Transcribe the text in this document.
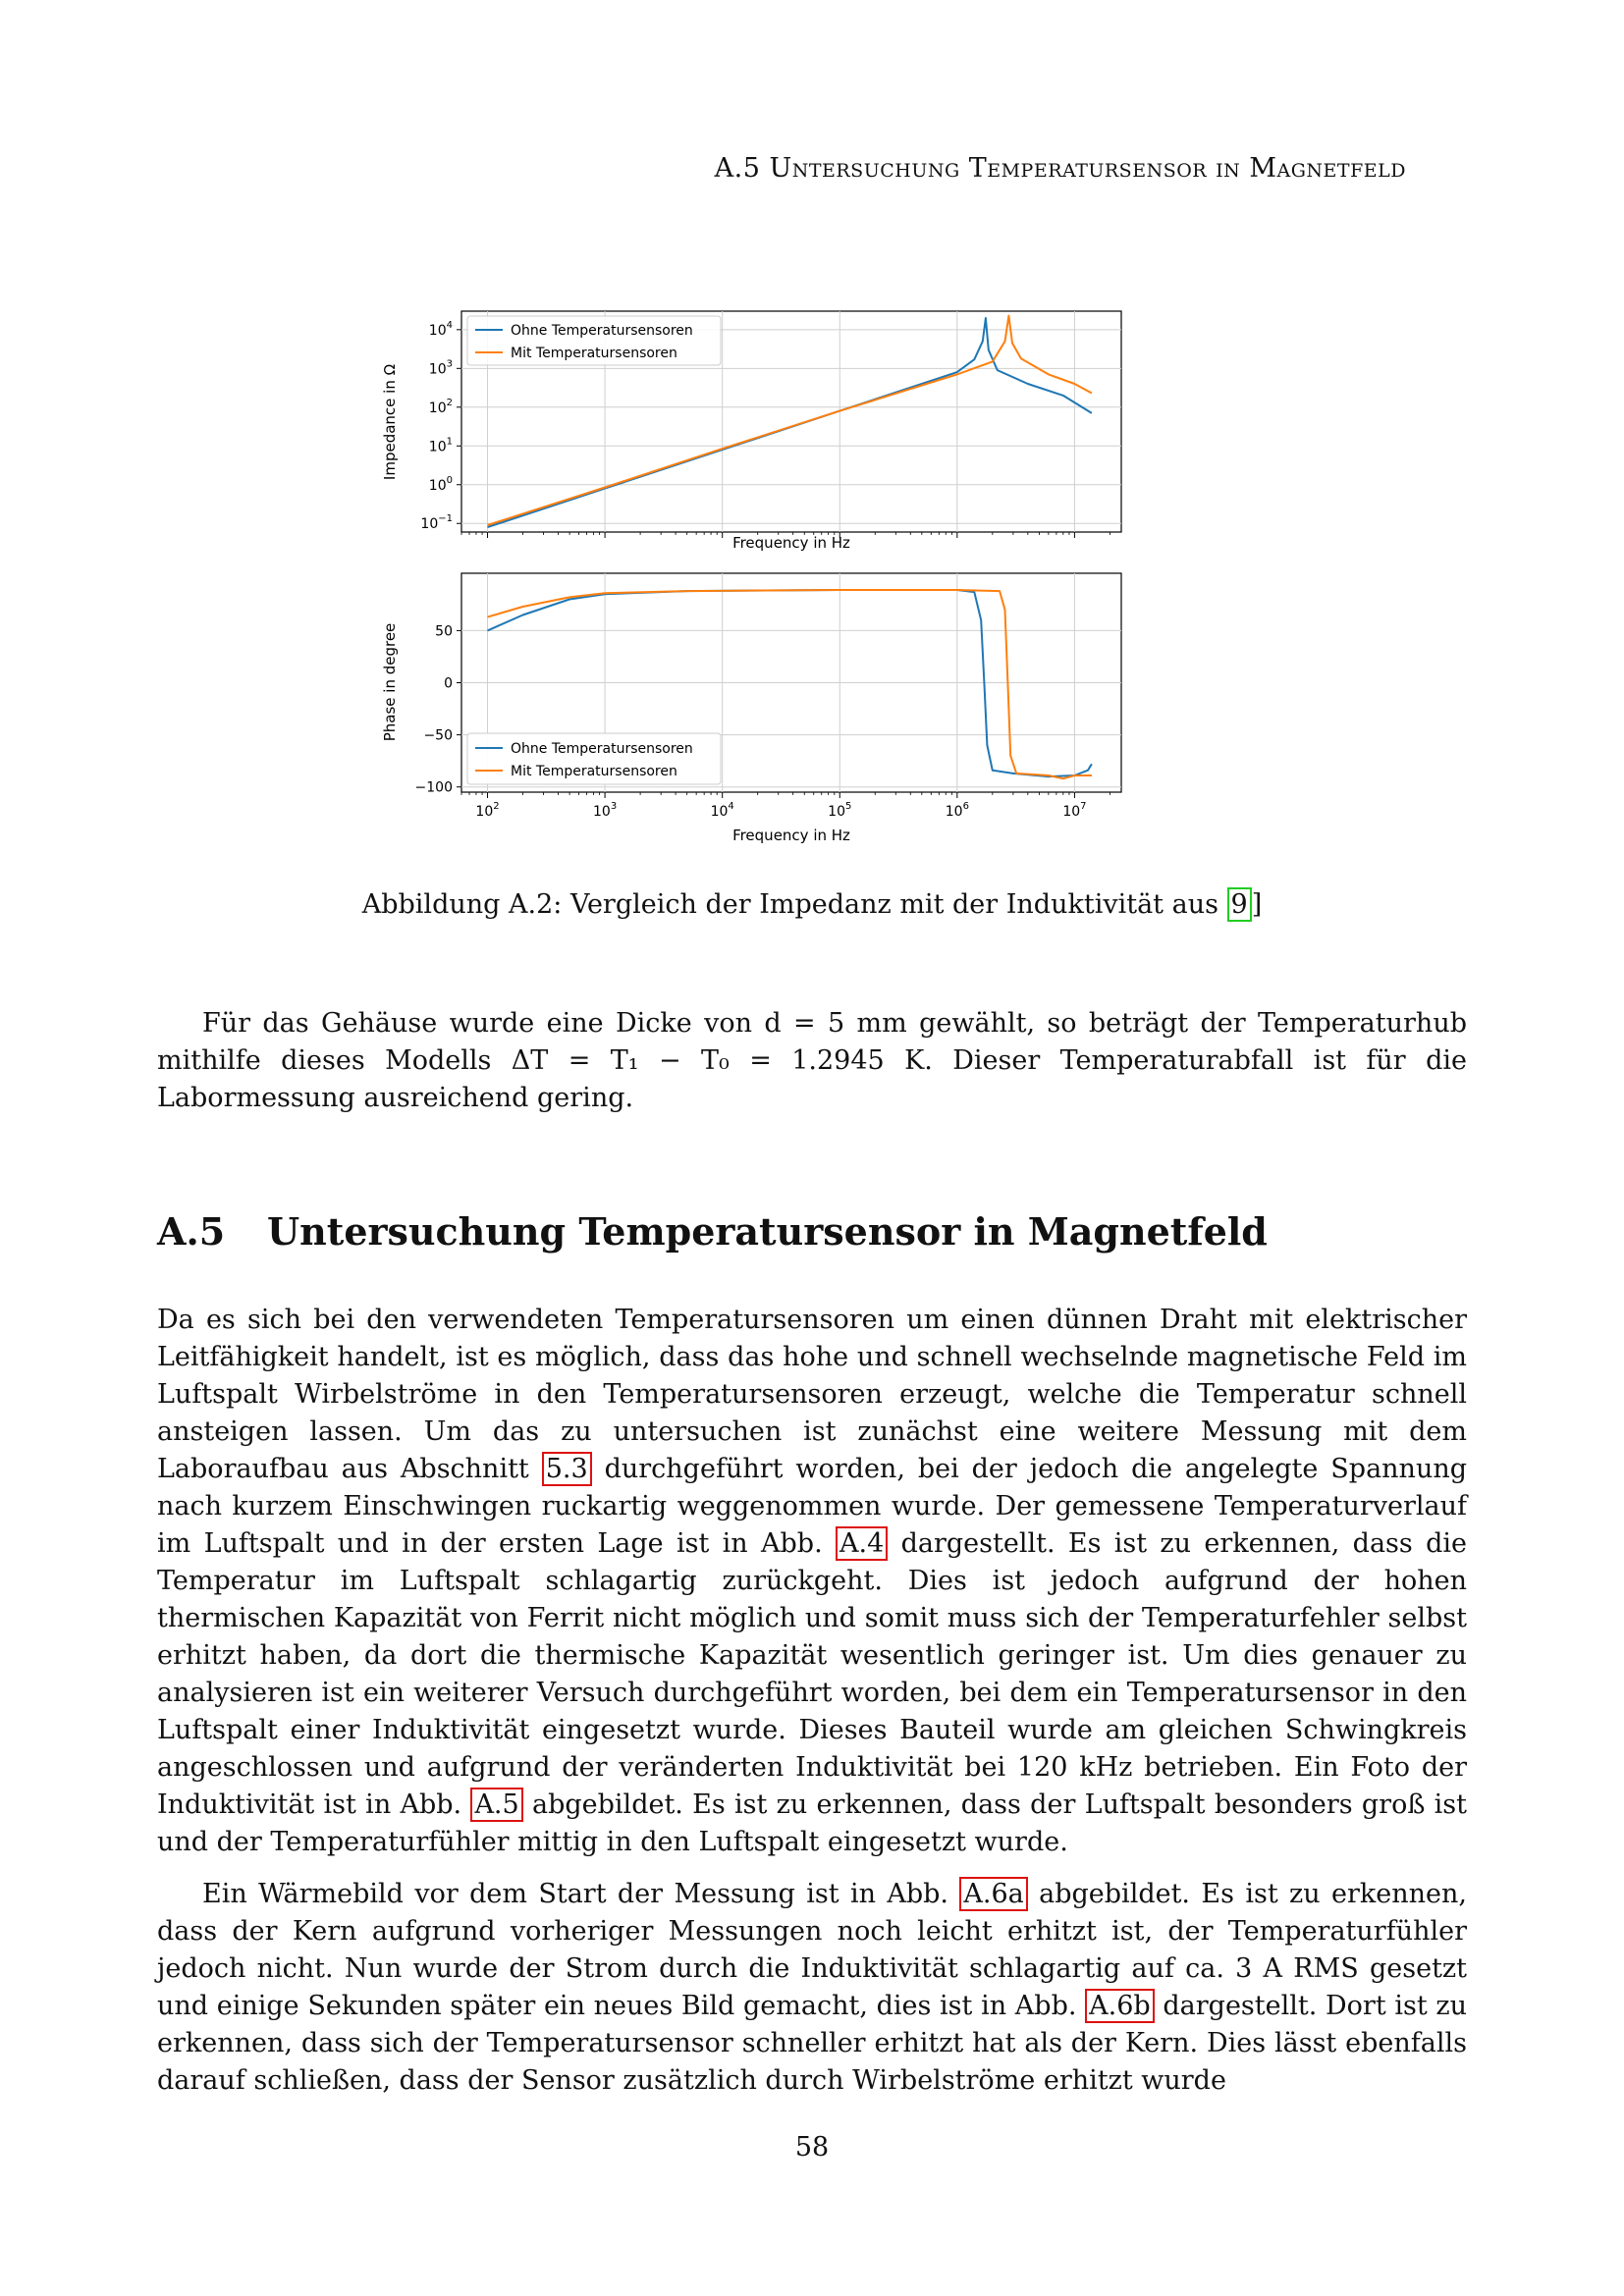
A.5 Untersuchung Temperatursensor in Magnetfeld
$10^4$
$10^3$
$10^2$
$10^1$
$10^0$
$10^{-1}$
Frequency in Hz
Impedance in Ω
Ohne Temperatursensoren
Mit Temperatursensoren
50
0
−50
−100
$10^2$	$10^3$	$10^4$	$10^5$	$10^6$	$10^7$
Frequency in Hz
Phase in degree
Ohne Temperatursensoren
Mit Temperatursensoren
Abbildung A.2: Vergleich der Impedanz mit der Induktivität aus 9 ]
Für das Gehäuse wurde eine Dicke von d = 5 mm gewählt, so beträgt der Temperaturhub mithilfe dieses Modells ΔT = T₁ − T₀ = 1.2945 K. Dieser Temperaturabfall ist für die Labormessung ausreichend gering.
A.5 Untersuchung Temperatursensor in Magnetfeld
Da es sich bei den verwendeten Temperatursensoren um einen dünnen Draht mit elektrischer Leitfähigkeit handelt, ist es möglich, dass das hohe und schnell wechselnde magnetische Feld im Luftspalt Wirbelströme in den Temperatursensoren erzeugt, welche die Temperatur schnell ansteigen lassen. Um das zu untersuchen ist zunächst eine weitere Messung mit dem Laboraufbau aus Abschnitt 5.3 durchgeführt worden, bei der jedoch die angelegte Spannung nach kurzem Einschwingen ruckartig weggenommen wurde. Der gemessene Temperaturverlauf im Luftspalt und in der ersten Lage ist in Abb. A.4 dargestellt. Es ist zu erkennen, dass die Temperatur im Luftspalt schlagartig zurückgeht. Dies ist jedoch aufgrund der hohen thermischen Kapazität von Ferrit nicht möglich und somit muss sich der Temperaturfehler selbst erhitzt haben, da dort die thermische Kapazität wesentlich geringer ist. Um dies genauer zu analysieren ist ein weiterer Versuch durchgeführt worden, bei dem ein Temperatursensor in den Luftspalt einer Induktivität eingesetzt wurde. Dieses Bauteil wurde am gleichen Schwingkreis angeschlossen und aufgrund der veränderten Induktivität bei 120 kHz betrieben. Ein Foto der Induktivität ist in Abb. A.5 abgebildet. Es ist zu erkennen, dass der Luftspalt besonders groß ist und der Temperaturfühler mittig in den Luftspalt eingesetzt wurde.
Ein Wärmebild vor dem Start der Messung ist in Abb. A.6a abgebildet. Es ist zu erkennen, dass der Kern aufgrund vorheriger Messungen noch leicht erhitzt ist, der Temperaturfühler jedoch nicht. Nun wurde der Strom durch die Induktivität schlagartig auf ca. 3 A RMS gesetzt und einige Sekunden später ein neues Bild gemacht, dies ist in Abb. A.6b dargestellt. Dort ist zu erkennen, dass sich der Temperatursensor schneller erhitzt hat als der Kern. Dies lässt ebenfalls darauf schließen, dass der Sensor zusätzlich durch Wirbelströme erhitzt wurde
58
